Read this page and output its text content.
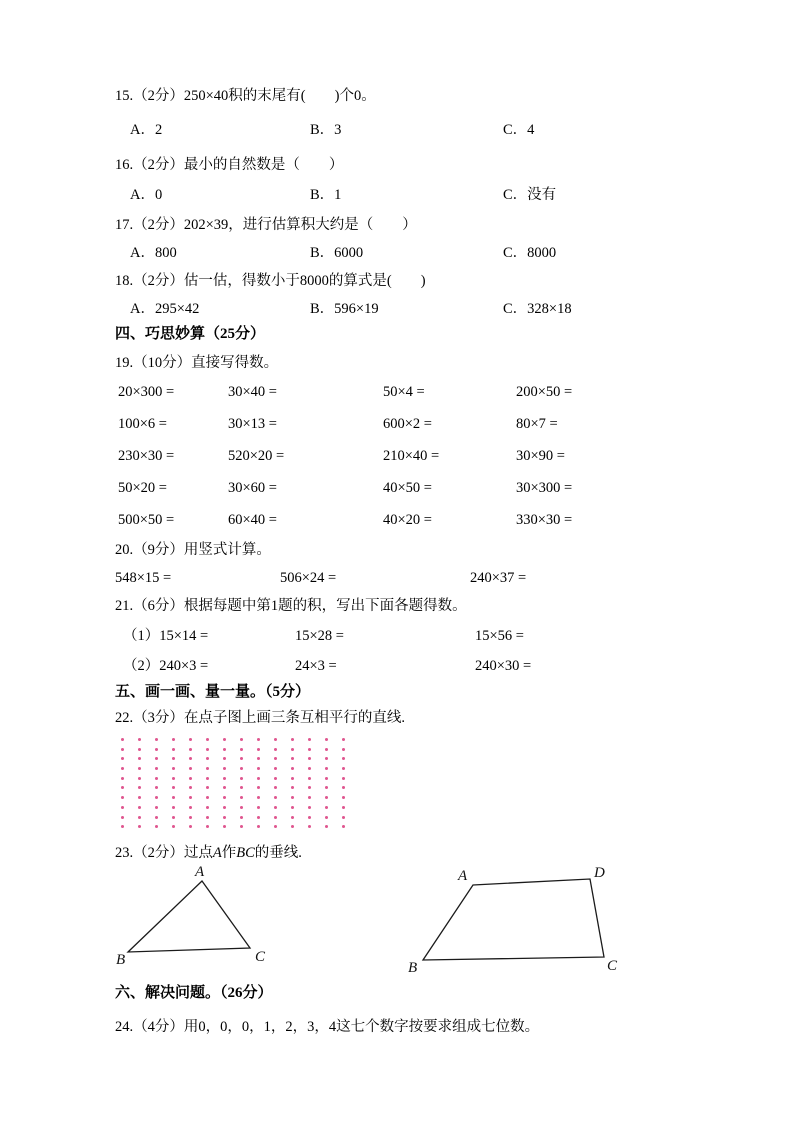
15.（2分）250×40积的末尾有(　　)个0。
A．2	B．3	C．4
16.（2分）最小的自然数是（　　）
A．0	B．1	C．没有
17.（2分）202×39，进行估算积大约是（　　）
A．800	B．6000	C．8000
18.（2分）估一估，得数小于8000的算式是(　　)
A．295×42	B．596×19	C．328×18
四、巧思妙算（25分）
19.（10分）直接写得数。
20×300 =	30×40 =	50×4 =	200×50 =
100×6 =	30×13 =	600×2 =	80×7 =
230×30 =	520×20 =	210×40 =	30×90 =
50×20 =	30×60 =	40×50 =	30×300 =
500×50 =	60×40 =	40×20 =	330×30 =
20.（9分）用竖式计算。
548×15 =	506×24 =	240×37 =
21.（6分）根据每题中第1题的积，写出下面各题得数。
（1）15×14 =	15×28 =	15×56 =
（2）240×3 =	24×3 =	240×30 =
五、画一画、量一量。（5分）
22.（3分）在点子图上画三条互相平行的直线.
23.（2分）过点A作BC的垂线.
A
B	C
A	D
B	C
六、解决问题。（26分）
24.（4分）用0，0，0，1，2，3，4这七个数字按要求组成七位数。
